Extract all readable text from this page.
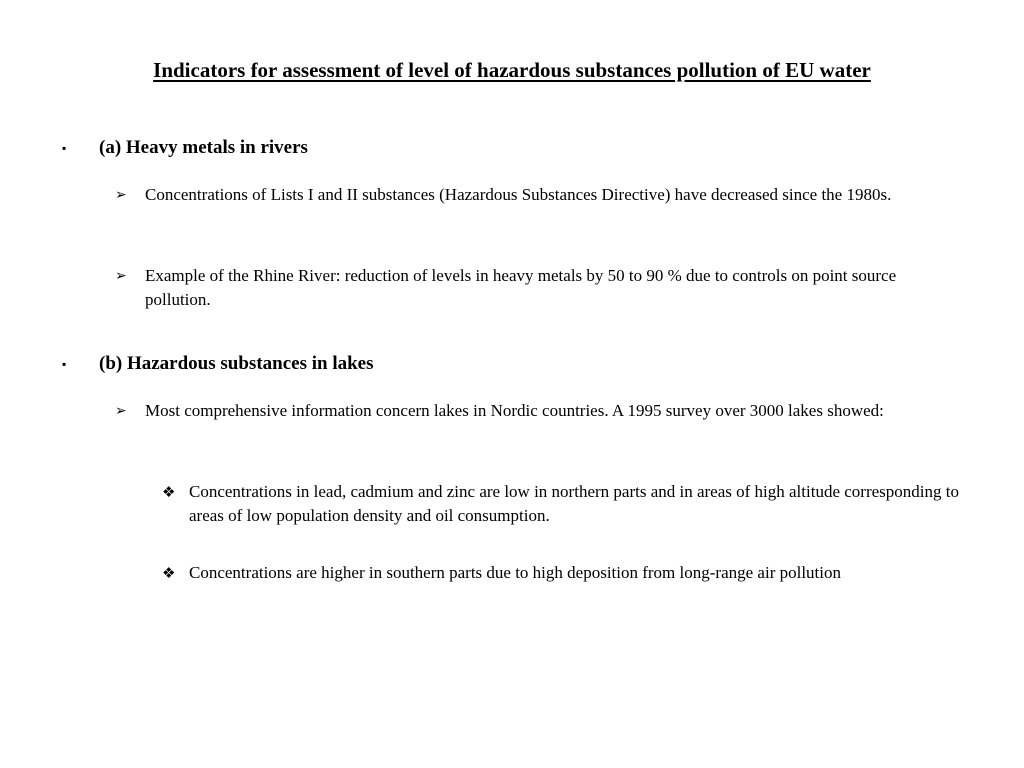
Indicators for assessment of level of hazardous substances pollution of EU water
▪ (a) Heavy metals in rivers
➢ Concentrations of Lists I and II substances (Hazardous Substances Directive) have decreased since the 1980s.
➢ Example of the Rhine River: reduction of levels in heavy metals by 50 to 90 % due to controls on point source pollution.
▪ (b) Hazardous substances in lakes
➢ Most comprehensive information concern lakes in Nordic countries. A 1995 survey over 3000 lakes showed:
❖ Concentrations in lead, cadmium and zinc are low in northern parts and in areas of high altitude corresponding to areas of low population density and oil consumption.
❖ Concentrations are higher in southern parts due to high deposition from long-range air pollution
